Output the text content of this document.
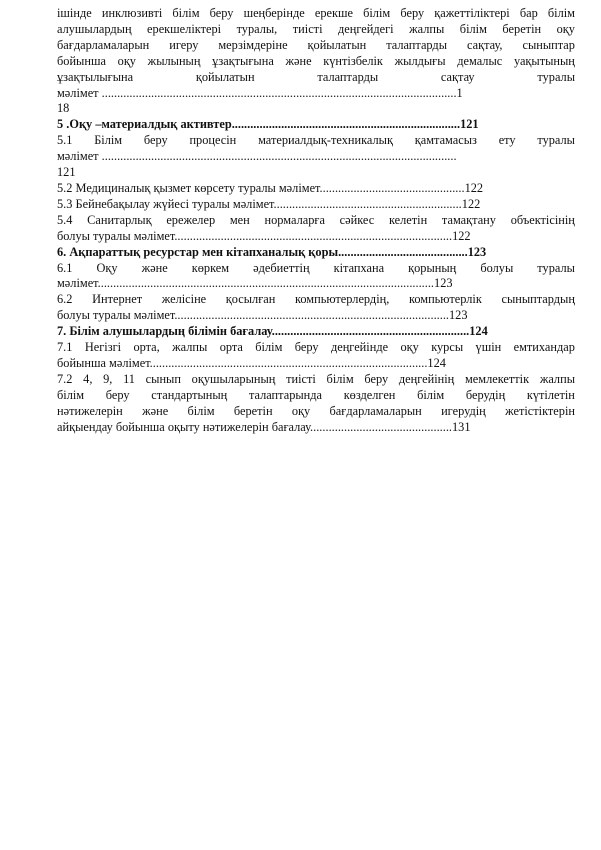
ішінде инклюзивті білім беру шеңберінде ерекше білім беру қажеттіліктері бар білім
алушылардың ерекшеліктері туралы, тиісті деңгейдегі жалпы білім беретін оқу
бағдарламаларын игеру мерзімдеріне қойылатын талаптарды сақтау, сыныптар
бойынша оқу жылының ұзақтығына және күнтізбелік жылдығы демалыс уақытының
ұзақтылығына	қойылатын	талаптарды	сақтау	туралы
мәлімет ...................................................................................................................1
18
5 .Оқу –материалдық активтер..........................................................................121
5.1 Білім беру процесін материалдық-техникалық қамтамасыз ету туралы
мәлімет ...................................................................................................................
121
5.2 Медициналық қызмет көрсету туралы мәлімет...............................................122
5.3 Бейнебақылау жүйесі туралы мәлімет.............................................................122
5.4 Санитарлық ережелер мен нормаларға сәйкес келетін тамақтану объектісінің
болуы туралы мәлімет..........................................................................................122
6. Ақпараттық ресурстар мен кітапханалық қоры..........................................123
6.1 Оқу және көркем әдебиеттің кітапхана қорының болуы туралы
мәлімет.............................................................................................................123
6.2 Интернет желісіне қосылған компьютерлердің, компьютерлік сыныптардың
болуы туралы мәлімет.........................................................................................123
7. Білім алушылардың білімін бағалау................................................................124
7.1 Негізгі орта, жалпы орта білім беру деңгейінде оқу курсы үшін емтихандар
бойынша мәлімет..........................................................................................124
7.2 4, 9, 11 сынып оқушыларының тиісті білім беру деңгейінің мемлекеттік жалпы
білім беру стандартының талаптарында көзделген білім берудің күтілетін
нәтижелерін және білім беретін оқу бағдарламаларын игерудің жетістіктерін
айқыендау бойынша оқыту нәтижелерін бағалау..............................................131
